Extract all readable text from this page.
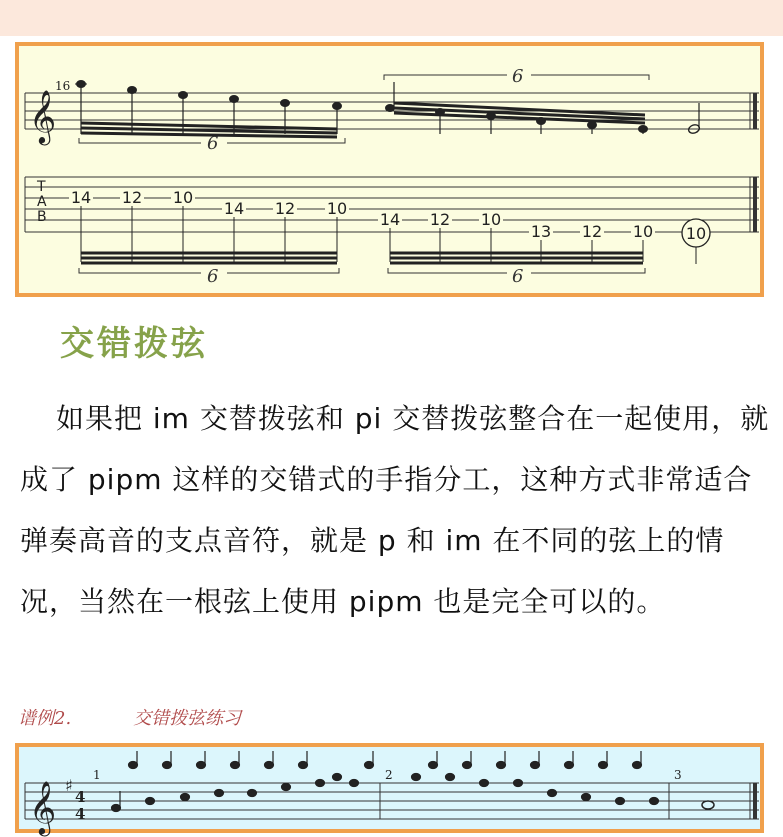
𝄞
16
6
6
T
A
B
14 12 10
14 12 10
14 12 10
13 12 10 10
6	6
交错拨弦

如果把 im 交替拨弦和 pi 交替拨弦整合在一起使用，就成了 pipm 这样的交错式的手指分工，这种方式非常适合弹奏高音的支点音符，就是 p 和 im 在不同的弦上的情况，当然在一根弦上使用 pipm 也是完全可以的。

谱例2.	交错拨弦练习
𝄞 ♯
4
4
1	2	3
